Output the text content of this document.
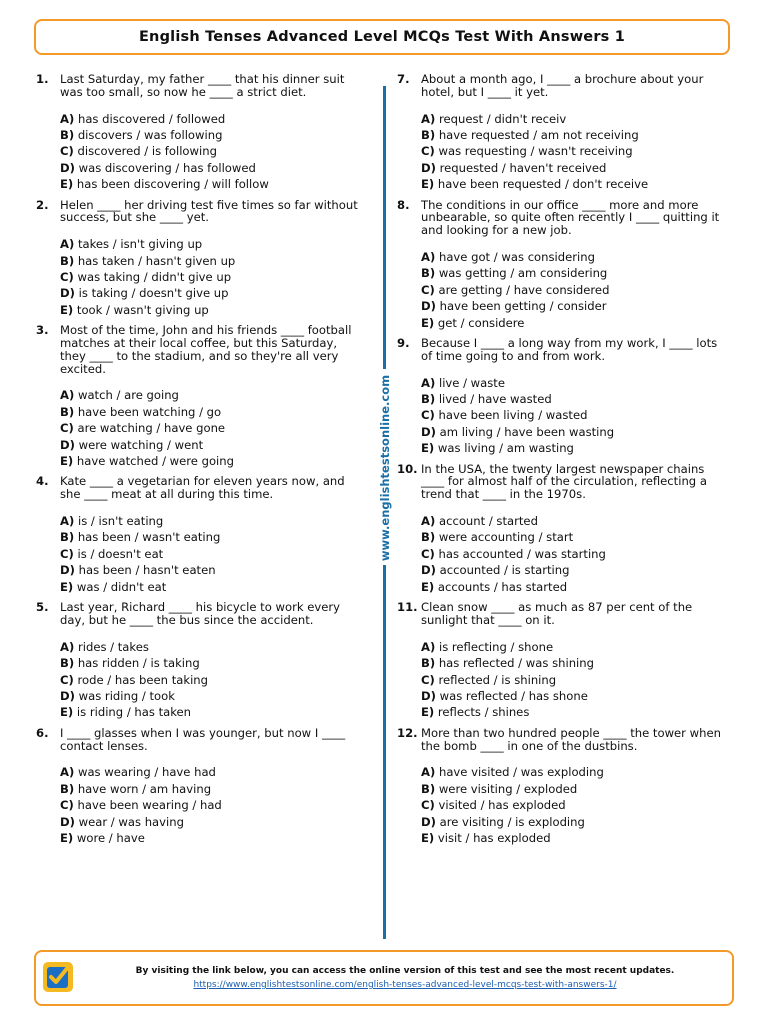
English Tenses Advanced Level MCQs Test With Answers 1
1. Last Saturday, my father ____ that his dinner suit was too small, so now he ____ a strict diet.

A) has discovered / followed
B) discovers / was following
C) discovered / is following
D) was discovering / has followed
E) has been discovering / will follow
2. Helen ____ her driving test five times so far without success, but she ____ yet.

A) takes / isn't giving up
B) has taken / hasn't given up
C) was taking / didn't give up
D) is taking / doesn't give up
E) took / wasn't giving up
3. Most of the time, John and his friends ____ football matches at their local coffee, but this Saturday, they ____ to the stadium, and so they're all very excited.

A) watch / are going
B) have been watching / go
C) are watching / have gone
D) were watching / went
E) have watched / were going
4. Kate ____ a vegetarian for eleven years now, and she ____ meat at all during this time.

A) is / isn't eating
B) has been / wasn't eating
C) is / doesn't eat
D) has been / hasn't eaten
E) was / didn't eat
5. Last year, Richard ____ his bicycle to work every day, but he ____ the bus since the accident.

A) rides / takes
B) has ridden / is taking
C) rode / has been taking
D) was riding / took
E) is riding / has taken
6. I ____ glasses when I was younger, but now I ____ contact lenses.

A) was wearing / have had
B) have worn / am having
C) have been wearing / had
D) wear / was having
E) wore / have
7. About a month ago, I ____ a brochure about your hotel, but I ____ it yet.

A) request / didn't receiv
B) have requested / am not receiving
C) was requesting / wasn't receiving
D) requested / haven't received
E) have been requested / don't receive
8. The conditions in our office ____ more and more unbearable, so quite often recently I ____ quitting it and looking for a new job.

A) have got / was considering
B) was getting / am considering
C) are getting / have considered
D) have been getting / consider
E) get / considere
9. Because I ____ a long way from my work, I ____ lots of time going to and from work.

A) live / waste
B) lived / have wasted
C) have been living / wasted
D) am living / have been wasting
E) was living / am wasting
10. In the USA, the twenty largest newspaper chains ____ for almost half of the circulation, reflecting a trend that ____ in the 1970s.

A) account / started
B) were accounting / start
C) has accounted / was starting
D) accounted / is starting
E) accounts / has started
11. Clean snow ____ as much as 87 per cent of the sunlight that ____ on it.

A) is reflecting / shone
B) has reflected / was shining
C) reflected / is shining
D) was reflected / has shone
E) reflects / shines
12. More than two hundred people ____ the tower when the bomb ____ in one of the dustbins.

A) have visited / was exploding
B) were visiting / exploded
C) visited / has exploded
D) are visiting / is exploding
E) visit / has exploded
www.englishtestsonline.com
By visiting the link below, you can access the online version of this test and see the most recent updates.
https://www.englishtestsonline.com/english-tenses-advanced-level-mcqs-test-with-answers-1/
